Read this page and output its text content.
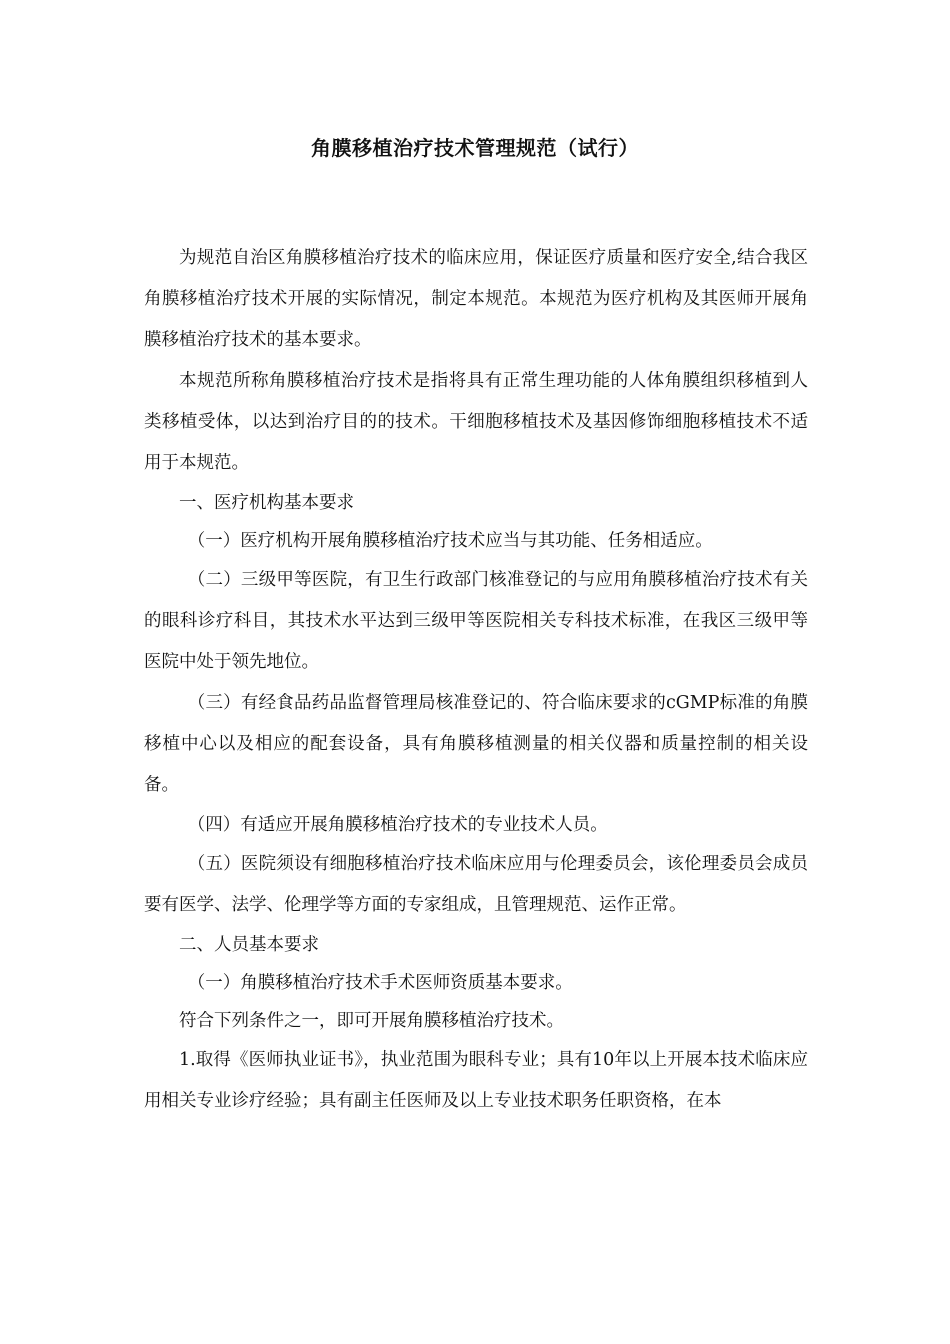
角膜移植治疗技术管理规范（试行）

为规范自治区角膜移植治疗技术的临床应用，保证医疗质量和医疗安全,结合我区角膜移植治疗技术开展的实际情况，制定本规范。本规范为医疗机构及其医师开展角膜移植治疗技术的基本要求。

本规范所称角膜移植治疗技术是指将具有正常生理功能的人体角膜组织移植到人类移植受体，以达到治疗目的的技术。干细胞移植技术及基因修饰细胞移植技术不适用于本规范。

一、医疗机构基本要求

（一）医疗机构开展角膜移植治疗技术应当与其功能、任务相适应。

（二）三级甲等医院，有卫生行政部门核准登记的与应用角膜移植治疗技术有关的眼科诊疗科目，其技术水平达到三级甲等医院相关专科技术标准，在我区三级甲等医院中处于领先地位。

（三）有经食品药品监督管理局核准登记的、符合临床要求的cGMP标准的角膜移植中心以及相应的配套设备，具有角膜移植测量的相关仪器和质量控制的相关设备。

（四）有适应开展角膜移植治疗技术的专业技术人员。

（五）医院须设有细胞移植治疗技术临床应用与伦理委员会，该伦理委员会成员要有医学、法学、伦理学等方面的专家组成，且管理规范、运作正常。

二、人员基本要求

（一）角膜移植治疗技术手术医师资质基本要求。

符合下列条件之一，即可开展角膜移植治疗技术。

1.取得《医师执业证书》，执业范围为眼科专业；具有10年以上开展本技术临床应用相关专业诊疗经验；具有副主任医师及以上专业技术职务任职资格，在本
